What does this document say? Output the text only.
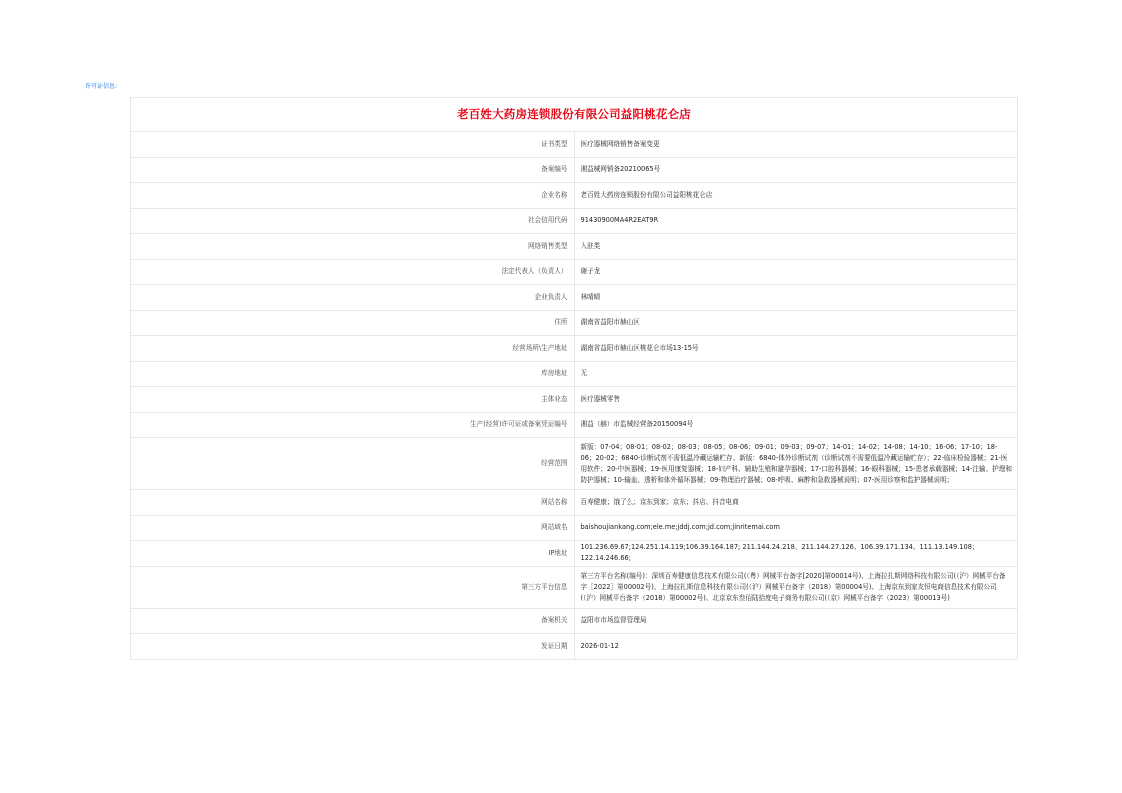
许可证信息:
老百姓大药房连锁股份有限公司益阳桃花仑店	
证书类型	医疗器械网络销售备案变更
备案编号	湘益械网销备20210065号
企业名称	老百姓大药房连锁股份有限公司益阳桃花仑店
社会信用代码	91430900MA4R2EAT9R
网络销售类型	入驻类
法定代表人（负责人）	谢子龙
企业负责人	林晴晴
住所	湖南省益阳市赫山区
经营场所\生产地址	湖南省益阳市赫山区桃花仑市场13-15号
库房地址	无
主体业态	医疗器械零售
生产(经营)许可证或备案凭证编号	湘益（赫）市监械经营备20150094号
经营范围	新版：07-04；08-01；08-02；08-03；08-05；08-06；09-01；09-03；09-07；14-01；14-02；14-08；14-10；16-06；17-10；18-06；20-02；6840-诊断试剂不需低温冷藏运输贮存、新版：6840-体外诊断试剂（诊断试剂不需要低温冷藏运输贮存）；22-临床检验器械；21-医用软件；20-中医器械；19-医用康复器械；18-妇产科、辅助生殖和避孕器械；17-口腔科器械；16-眼科器械；15-患者承载器械；14-注输、护理和防护器械；10-输血、透析和体外循环器械；09-物理治疗器械；08-呼吸、麻醉和急救器械说明；07-医用诊察和监护器械说明；
网站名称	百寿健康；饿了么；京东到家；京东；抖店、抖音电商
网站域名	baishoujiankang.com;ele.me;jddj.com;jd.com;jinritemai.com
IP地址	101.236.69.67;124.251.14.119;106.39.164.187; 211.144.24.218、211.144.27.126、106.39.171.134、111.13.149.108；122.14.246.66;
第三方平台信息	第三方平台名称(编号)：深圳百寿健康信息技术有限公司(（粤）网械平台备字[2020]第00014号)、上海拉扎斯网络科技有限公司(（沪）网械平台备字［2022］第00002号)、上海拉扎斯信息科技有限公司(（沪）网械平台备字（2018）第00004号)、上海京东到家友恒电商信息技术有限公司(（沪）网械平台备字（2018）第00002号)、北京京东叁佰陆拾度电子商务有限公司(（京）网械平台备字（2023）第00013号)
备案机关	益阳市市场监督管理局
发证日期	2026-01-12
